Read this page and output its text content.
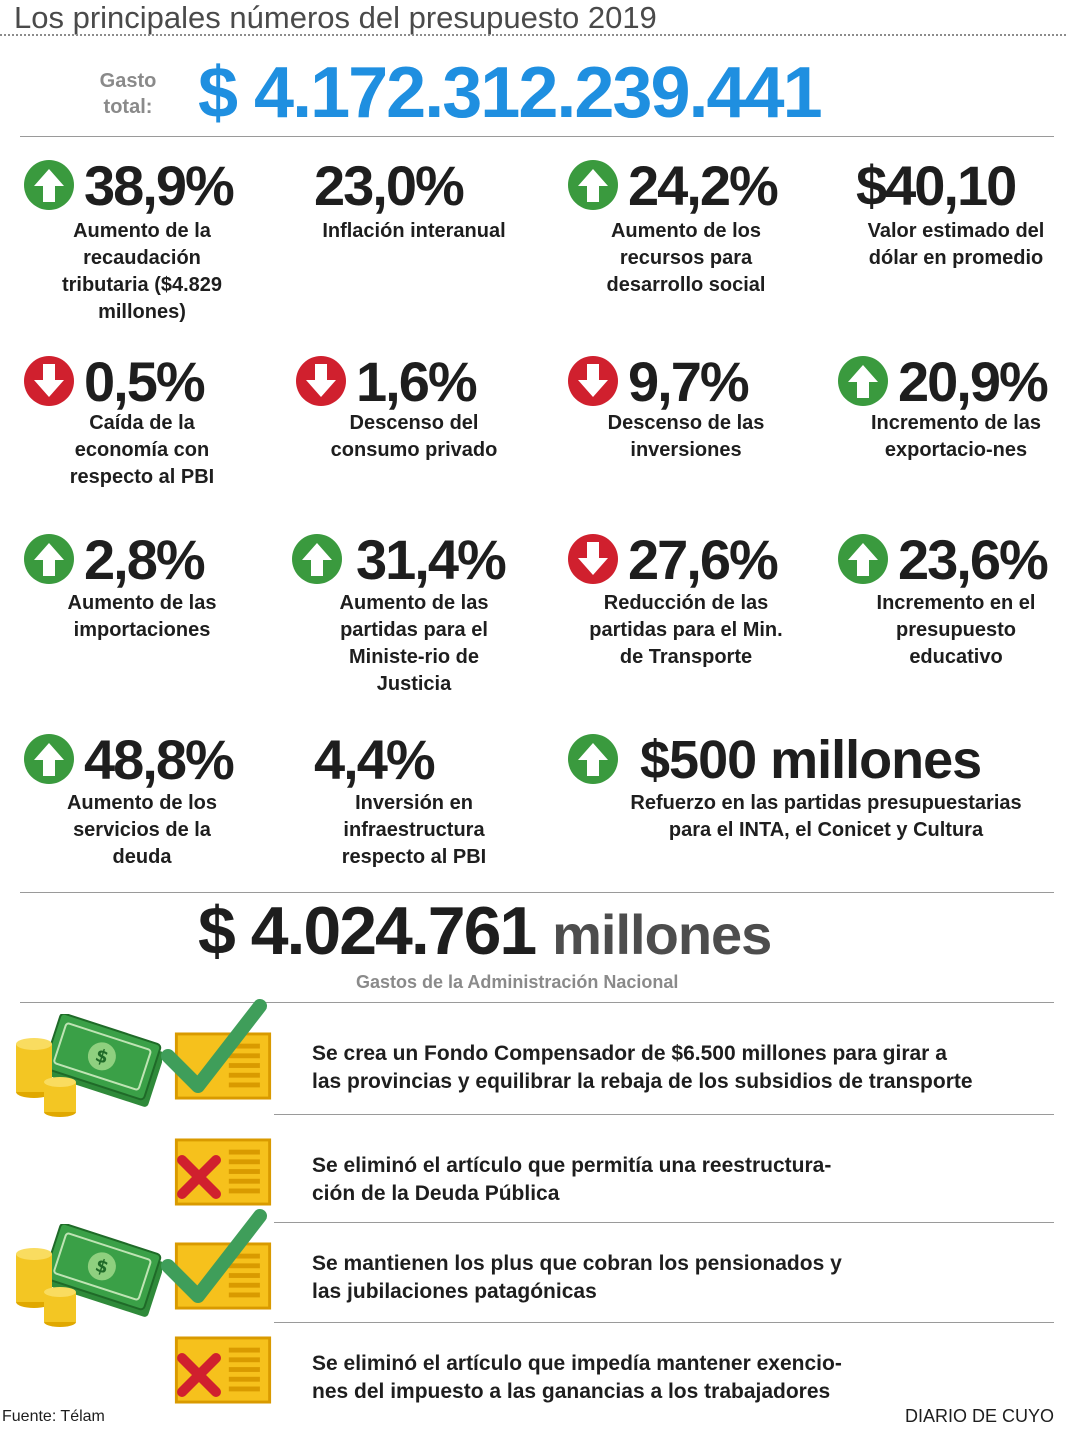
Los principales números del presupuesto 2019
Gasto total: $ 4.172.312.239.441
38,9%
Aumento de la recaudación tributaria ($4.829 millones)
23,0%
Inflación interanual
24,2%
Aumento de los recursos para desarrollo social
$40,10
Valor estimado del dólar en promedio
0,5%
Caída de la economía con respecto al PBI
1,6%
Descenso del consumo privado
9,7%
Descenso de las inversiones
20,9%
Incremento de las exportacio-nes
2,8%
Aumento de las importaciones
31,4%
Aumento de las partidas para el Ministe-rio de Justicia
27,6%
Reducción de las partidas para el Min. de Transporte
23,6%
Incremento en el presupuesto educativo
48,8%
Aumento de los servicios de la deuda
4,4%
Inversión en infraestructura respecto al PBI
$500 millones
Refuerzo en las partidas presupuestarias para el INTA, el Conicet y Cultura
$ 4.024.761 millones
Gastos de la Administración Nacional
$	Se crea un Fondo Compensador de $6.500 millones para girar a
las provincias y equilibrar la rebaja de los subsidios de transporte
Se eliminó el artículo que permitía una reestructura-
ción de la Deuda Pública
$	Se mantienen los plus que cobran los pensionados y
las jubilaciones patagónicas
Se eliminó el artículo que impedía mantener exencio-
nes del impuesto a las ganancias a los trabajadores
Fuente: Télam	DIARIO DE CUYO
